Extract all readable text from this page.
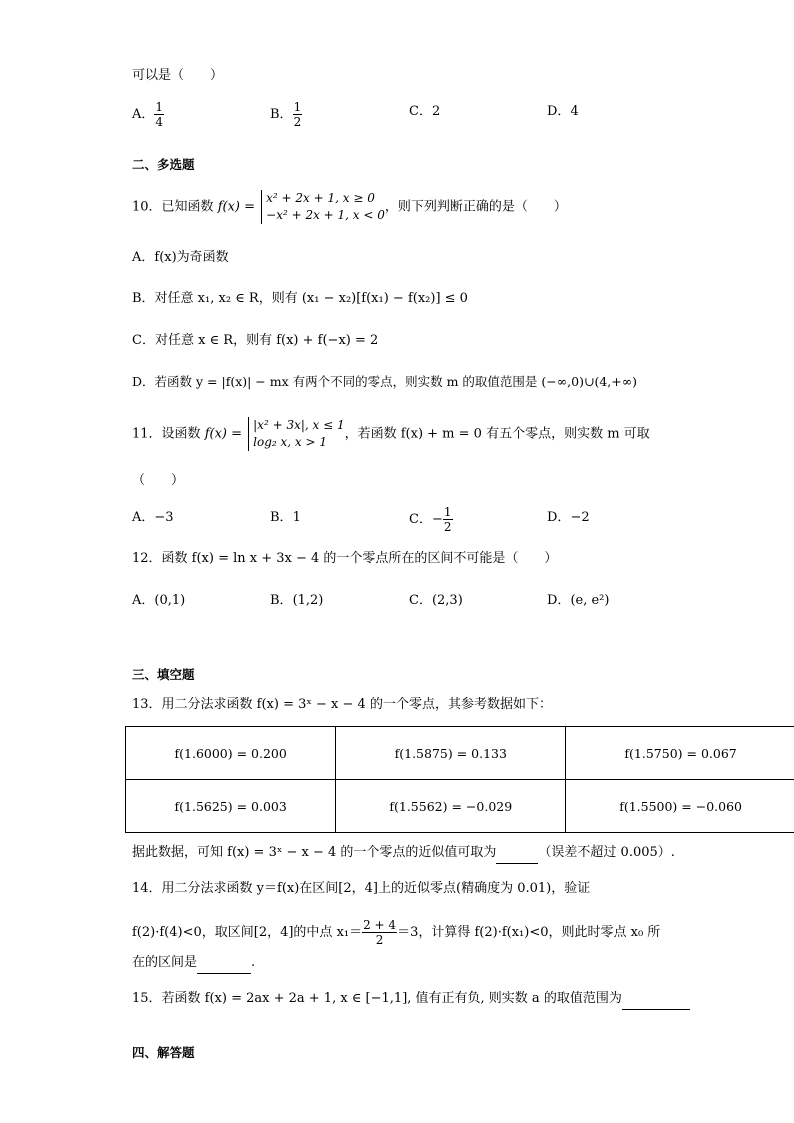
可以是（　　）
A． $\frac{1}{4}$	B． $\frac{1}{2}$	C．2	D．4
二、多选题
10．已知函数 f(x) =
x² + 2x + 1, x ≥ 0
−x² + 2x + 1, x < 0
，则下列判断正确的是（　　）
A．f(x)为奇函数
B．对任意 x₁, x₂ ∈ R，则有 (x₁ − x₂)[f(x₁) − f(x₂)] ≤ 0
C．对任意 x ∈ R，则有 f(x) + f(−x) = 2
D．若函数 y = |f(x)| − mx 有两个不同的零点，则实数 m 的取值范围是 (−∞,0)∪(4,+∞)
11．设函数 f(x) =
|x² + 3x|, x ≤ 1
log₂ x, x > 1
，若函数 f(x) + m = 0 有五个零点，则实数 m 可取
（　　）
A．−3	B．1	C．− $\frac{1}{2}$	D．−2
12．函数 f(x) = ln x + 3x − 4 的一个零点所在的区间不可能是（　　）
A．(0,1)	B．(1,2)	C．(2,3)	D．(e, e²)
三、填空题
13．用二分法求函数 f(x) = 3ˣ − x − 4 的一个零点，其参考数据如下：
f(1.6000) = 0.200	f(1.5875) = 0.133	f(1.5750) = 0.067
f(1.5625) = 0.003	f(1.5562) = −0.029	f(1.5500) = −0.060
据此数据，可知 f(x) = 3ˣ − x − 4 的一个零点的近似值可取为	（误差不超过 0.005）.
14．用二分法求函数 y＝f(x)在区间[2，4]上的近似零点(精确度为 0.01)，验证
f(2)·f(4)<0，取区间[2，4]的中点 $x_1= \frac{2 + 4}{2} =3$，计算得 f(2)·f(x₁)<0，则此时零点 x₀ 所
在的区间是	.
15．若函数 f(x) = 2ax + 2a + 1, x ∈ [−1,1], 值有正有负, 则实数 a 的取值范围为
四、解答题
